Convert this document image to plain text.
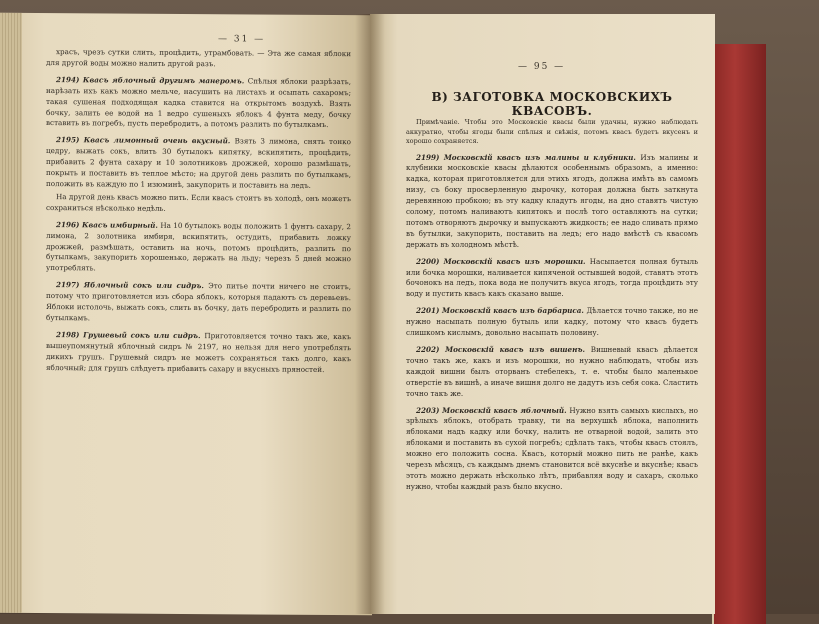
— 31 —

храсъ, чрезъ сутки слить, процѣдить, утрамбовать. — Эта же самая яблоки для другой воды можно налить другой разъ.

2194) Квасъ яблочный другимъ манеромъ. Спѣлыя яблоки разрѣзать, нарѣзать ихъ какъ можно мельче, насушить на листахъ и осыпать сахаромъ; такая сушеная подходящая кадка ставится на открытомъ воздухѣ. Взять бочку, залить ее водой на 1 ведро сушеныхъ яблокъ 4 фунта меду, бочку вставить въ погребъ, пусть перебродитъ, а потомъ разлить по бутылкамъ.

2195) Квасъ лимонный очень вкусный. Взять 3 лимона, снять тонко цедру, выжать сокъ, влить 30 бутылокъ кипятку, вскипятить, процѣдить, прибавить 2 фунта сахару и 10 золотниковъ дрожжей, хорошо размѣшать, покрыть и поставить въ теплое мѣсто; на другой день разлить по бутылкамъ, положить въ каждую по 1 изюминѣ, закупорить и поставить на ледъ.

На другой день квасъ можно пить. Если квасъ стоитъ въ холодѣ, онъ можетъ сохраниться нѣсколько недѣль.

2196) Квасъ имбирный. На 10 бутылокъ воды положить 1 фунтъ сахару, 2 лимона, 2 золотника имбиря, вскипятить, остудить, прибавить ложку дрожжей, размѣшать, оставить на ночь, потомъ процѣдить, разлить по бутылкамъ, закупорить хорошенько, держать на льду; черезъ 5 дней можно употреблять.

2197) Яблочный сокъ или сидръ. Это питье почти ничего не стоитъ, потому что приготовляется изъ сбора яблокъ, которыя падаютъ съ деревьевъ. Яблоки истолочь, выжать сокъ, слить въ бочку, дать перебродить и разлить по бутылкамъ.

2198) Грушевый сокъ или сидръ. Приготовляется точно такъ же, какъ вышеупомянутый яблочный сидръ № 2197, но нельзя для него употреблять дикихъ грушъ. Грушевый сидръ не можетъ сохраняться такъ долго, какъ яблочный; для грушъ слѣдуетъ прибавить сахару и вкусныхъ пряностей.

— 95 —
В) ЗАГОТОВКА МОСКОВСКИХЪ КВАСОВЪ.

Примѣчаніе. Чтобы это Московскіе квасы были удачны, нужно наблюдать аккуратно, чтобы ягоды были спѣлыя и свѣжія, потомъ квасъ будетъ вкусенъ и хорошо сохраняется.

2199) Московскій квасъ изъ малины и клубники. Изъ малины и клубники московскіе квасы дѣлаются особеннымъ образомъ, а именно: кадка, которая приготовляется для этихъ ягодъ, должна имѣть въ самомъ низу, съ боку просверленную дырочку, которая должна быть заткнута деревянною пробкою; въ эту кадку кладутъ ягоды, на дно ставятъ чистую солому, потомъ наливаютъ кипятокъ и послѣ того оставляютъ на сутки; потомъ отворяютъ дырочку и выпускаютъ жидкость; ее надо сливать прямо въ бутылки, закупорить, поставить на ледъ; его надо вмѣстѣ съ квасомъ держать въ холодномъ мѣстѣ.

2200) Московскій квасъ изъ морошки. Насыпается полная бутыль или бочка морошки, наливается кипяченой остывшей водой, ставятъ этотъ бочонокъ на ледъ, пока вода не получитъ вкуса ягодъ, тогда процѣдить эту воду и пустить квасъ какъ сказано выше.

2201) Московскій квасъ изъ барбариса. Дѣлается точно также, но не нужно насыпать полную бутыль или кадку, потому что квасъ будетъ слишкомъ кислымъ, довольно насыпать половину.

2202) Московскій квасъ изъ вишенъ. Вишневый квасъ дѣлается точно такъ же, какъ и изъ морошки, но нужно наблюдать, чтобы изъ каждой вишни былъ оторванъ стебелекъ, т. е. чтобы было маленькое отверстіе въ вишнѣ, а иначе вишня долго не дадутъ изъ себя сока. Сластить точно такъ же.

2203) Московскій квасъ яблочный. Нужно взять самыхъ кислыхъ, но зрѣлыхъ яблокъ, отобрать травку, ти на верхушкѣ яблока, наполнить яблоками надъ кадку или бочку, налить не отварной водой, залить это яблоками и поставить въ сухой погребъ; сдѣлать такъ, чтобы квасъ стоялъ, можно его положить сосна. Квасъ, который можно пить не ранѣе, какъ черезъ мѣсяцъ, съ каждымъ днемъ становится всё вкуснѣе и вкуснѣе; квасъ этотъ можно держать нѣсколько лѣтъ, прибавляя воду и сахаръ, сколько нужно, чтобы каждый разъ было вкусно.
